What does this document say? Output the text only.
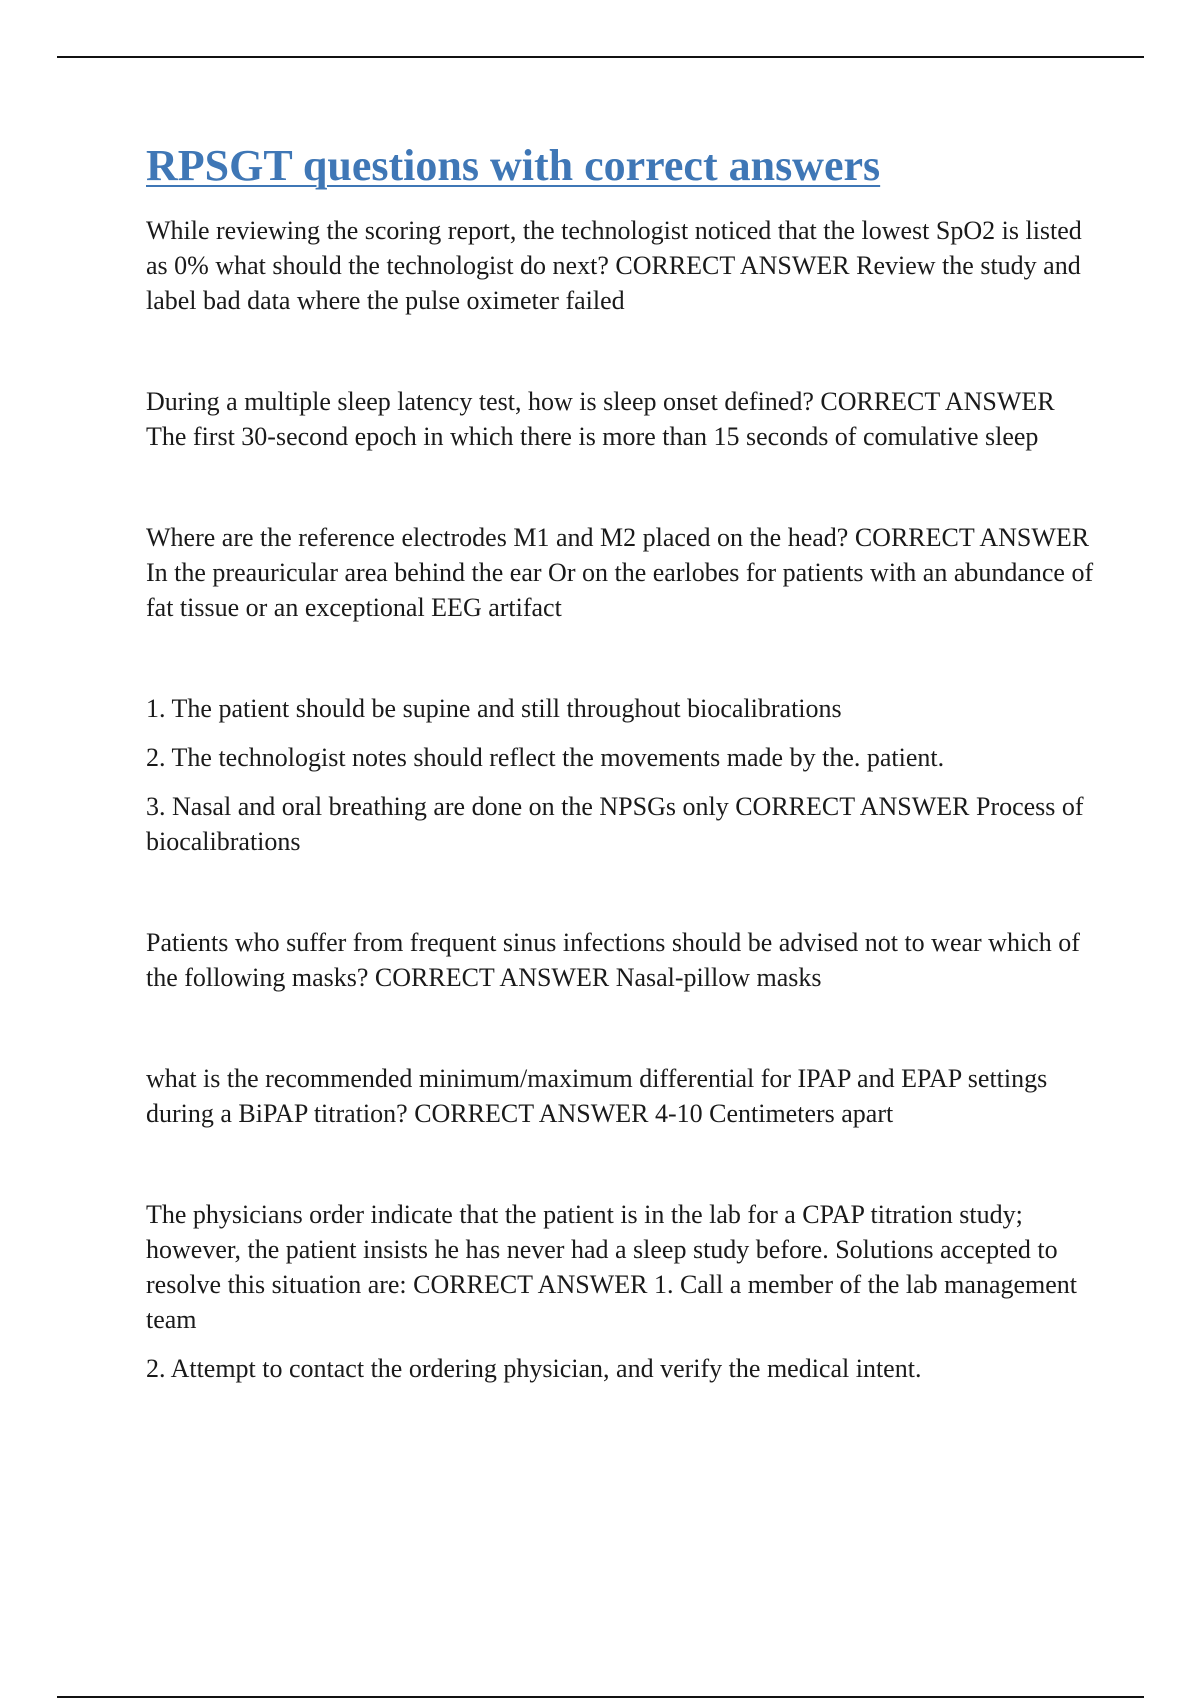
RPSGT questions with correct answers

While reviewing the scoring report, the technologist noticed that the lowest SpO2 is listed as 0% what should the technologist do next? CORRECT ANSWER Review the study and label bad data where the pulse oximeter failed

During a multiple sleep latency test, how is sleep onset defined? CORRECT ANSWER The first 30-second epoch in which there is more than 15 seconds of comulative sleep

Where are the reference electrodes M1 and M2 placed on the head? CORRECT ANSWER In the preauricular area behind the ear Or on the earlobes for patients with an abundance of fat tissue or an exceptional EEG artifact

1. The patient should be supine and still throughout biocalibrations

2. The technologist notes should reflect the movements made by the. patient.

3. Nasal and oral breathing are done on the NPSGs only CORRECT ANSWER Process of biocalibrations

Patients who suffer from frequent sinus infections should be advised not to wear which of the following masks? CORRECT ANSWER Nasal-pillow masks

what is the recommended minimum/maximum differential for IPAP and EPAP settings during a BiPAP titration? CORRECT ANSWER 4-10 Centimeters apart

The physicians order indicate that the patient is in the lab for a CPAP titration study; however, the patient insists he has never had a sleep study before. Solutions accepted to resolve this situation are: CORRECT ANSWER 1. Call a member of the lab management team

2. Attempt to contact the ordering physician, and verify the medical intent.
